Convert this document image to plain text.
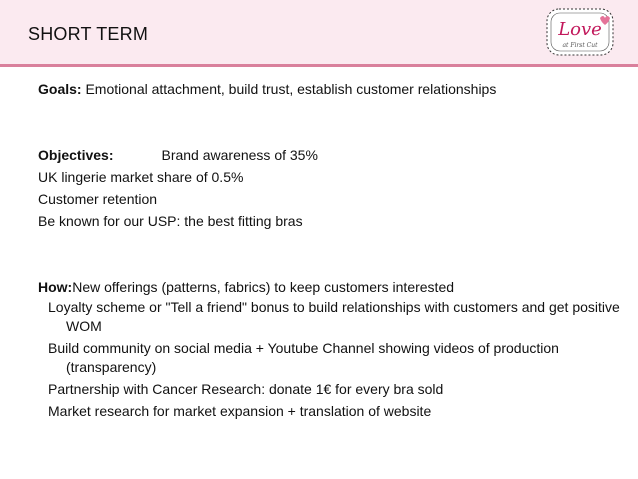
SHORT TERM	Love
at First Cut
Goals: Emotional attachment, build trust, establish customer relationships
Objectives:	Brand awareness of 35%
UK lingerie market share of 0.5%
Customer retention
Be known for our USP: the best fitting bras
How:New offerings (patterns, fabrics) to keep customers interested
Loyalty scheme or "Tell a friend" bonus to build relationships with customers and get positive WOM
Build community on social media + Youtube Channel showing videos of production (transparency)
Partnership with Cancer Research: donate 1€ for every bra sold
Market research for market expansion + translation of website
